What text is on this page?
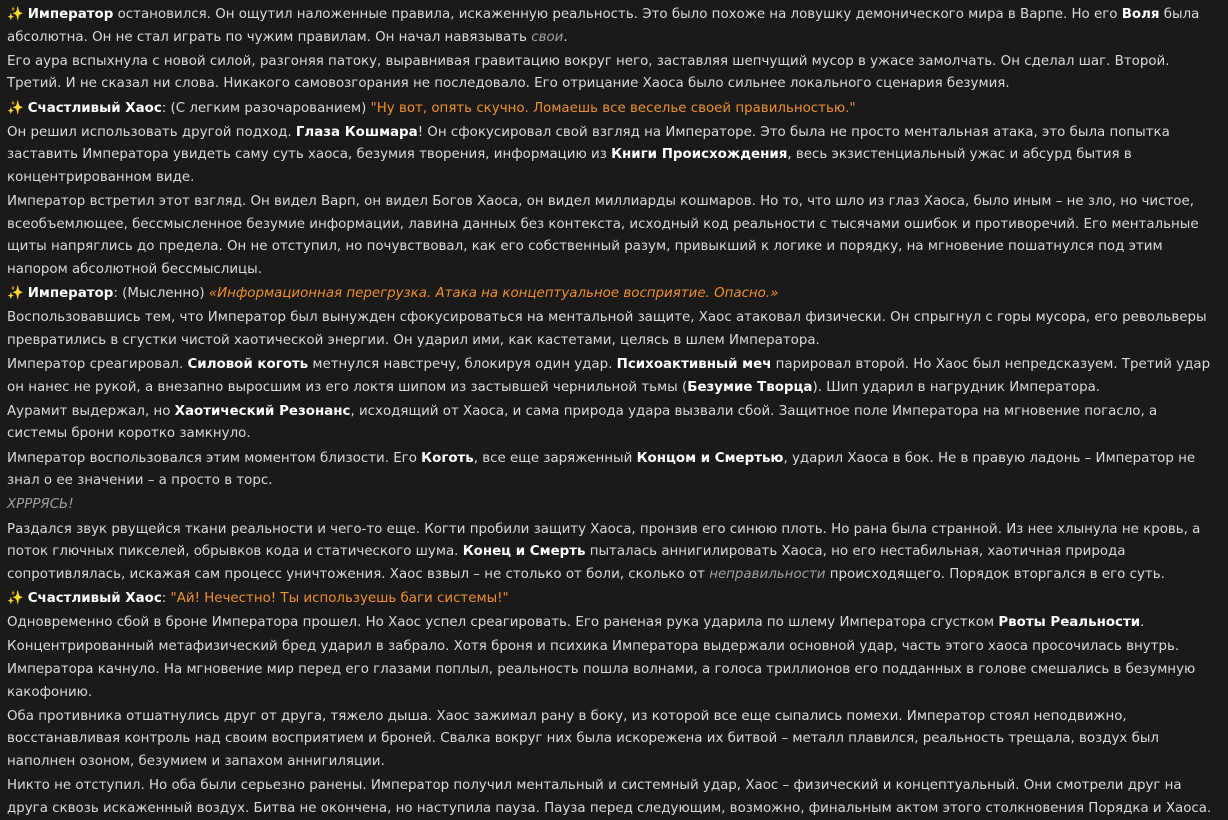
✨ Император остановился. Он ощутил наложенные правила, искаженную реальность. Это было похоже на ловушку демонического мира в Варпе. Но его Воля была абсолютна. Он не стал играть по чужим правилам. Он начал навязывать свои.

Его аура вспыхнула с новой силой, разгоняя патоку, выравнивая гравитацию вокруг него, заставляя шепчущий мусор в ужасе замолчать. Он сделал шаг. Второй. Третий. И не сказал ни слова. Никакого самовозгорания не последовало. Его отрицание Хаоса было сильнее локального сценария безумия.

✨ Счастливый Хаос: (С легким разочарованием) "Ну вот, опять скучно. Ломаешь все веселье своей правильностью."

Он решил использовать другой подход. Глаза Кошмара! Он сфокусировал свой взгляд на Императоре. Это была не просто ментальная атака, это была попытка заставить Императора увидеть саму суть хаоса, безумия творения, информацию из Книги Происхождения, весь экзистенциальный ужас и абсурд бытия в концентрированном виде.

Император встретил этот взгляд. Он видел Варп, он видел Богов Хаоса, он видел миллиарды кошмаров. Но то, что шло из глаз Хаоса, было иным – не зло, но чистое, всеобъемлющее, бессмысленное безумие информации, лавина данных без контекста, исходный код реальности с тысячами ошибок и противоречий. Его ментальные щиты напряглись до предела. Он не отступил, но почувствовал, как его собственный разум, привыкший к логике и порядку, на мгновение пошатнулся под этим напором абсолютной бессмыслицы.

✨ Император: (Мысленно) «Информационная перегрузка. Атака на концептуальное восприятие. Опасно.»

Воспользовавшись тем, что Император был вынужден сфокусироваться на ментальной защите, Хаос атаковал физически. Он спрыгнул с горы мусора, его револьверы превратились в сгустки чистой хаотической энергии. Он ударил ими, как кастетами, целясь в шлем Императора.

Император среагировал. Силовой коготь метнулся навстречу, блокируя один удар. Психоактивный меч парировал второй. Но Хаос был непредсказуем. Третий удар он нанес не рукой, а внезапно выросшим из его локтя шипом из застывшей чернильной тьмы (Безумие Творца). Шип ударил в нагрудник Императора.

Аурамит выдержал, но Хаотический Резонанс, исходящий от Хаоса, и сама природа удара вызвали сбой. Защитное поле Императора на мгновение погасло, а системы брони коротко замкнуло.

Император воспользовался этим моментом близости. Его Коготь, все еще заряженный Концом и Смертью, ударил Хаоса в бок. Не в правую ладонь – Император не знал о ее значении – а просто в торс.

ХРРРЯСЬ!

Раздался звук рвущейся ткани реальности и чего-то еще. Когти пробили защиту Хаоса, пронзив его синюю плоть. Но рана была странной. Из нее хлынула не кровь, а поток глючных пикселей, обрывков кода и статического шума. Конец и Смерть пыталась аннигилировать Хаоса, но его нестабильная, хаотичная природа сопротивлялась, искажая сам процесс уничтожения. Хаос взвыл – не столько от боли, сколько от неправильности происходящего. Порядок вторгался в его суть.

✨ Счастливый Хаос: "Ай! Нечестно! Ты используешь баги системы!"

Одновременно сбой в броне Императора прошел. Но Хаос успел среагировать. Его раненая рука ударила по шлему Императора сгустком Рвоты Реальности.

Концентрированный метафизический бред ударил в забрало. Хотя броня и психика Императора выдержали основной удар, часть этого хаоса просочилась внутрь. Императора качнуло. На мгновение мир перед его глазами поплыл, реальность пошла волнами, а голоса триллионов его подданных в голове смешались в безумную какофонию.

Оба противника отшатнулись друг от друга, тяжело дыша. Хаос зажимал рану в боку, из которой все еще сыпались помехи. Император стоял неподвижно, восстанавливая контроль над своим восприятием и броней. Свалка вокруг них была искорежена их битвой – металл плавился, реальность трещала, воздух был наполнен озоном, безумием и запахом аннигиляции.

Никто не отступил. Но оба были серьезно ранены. Император получил ментальный и системный удар, Хаос – физический и концептуальный. Они смотрели друг на друга сквозь искаженный воздух. Битва не окончена, но наступила пауза. Пауза перед следующим, возможно, финальным актом этого столкновения Порядка и Хаоса.
